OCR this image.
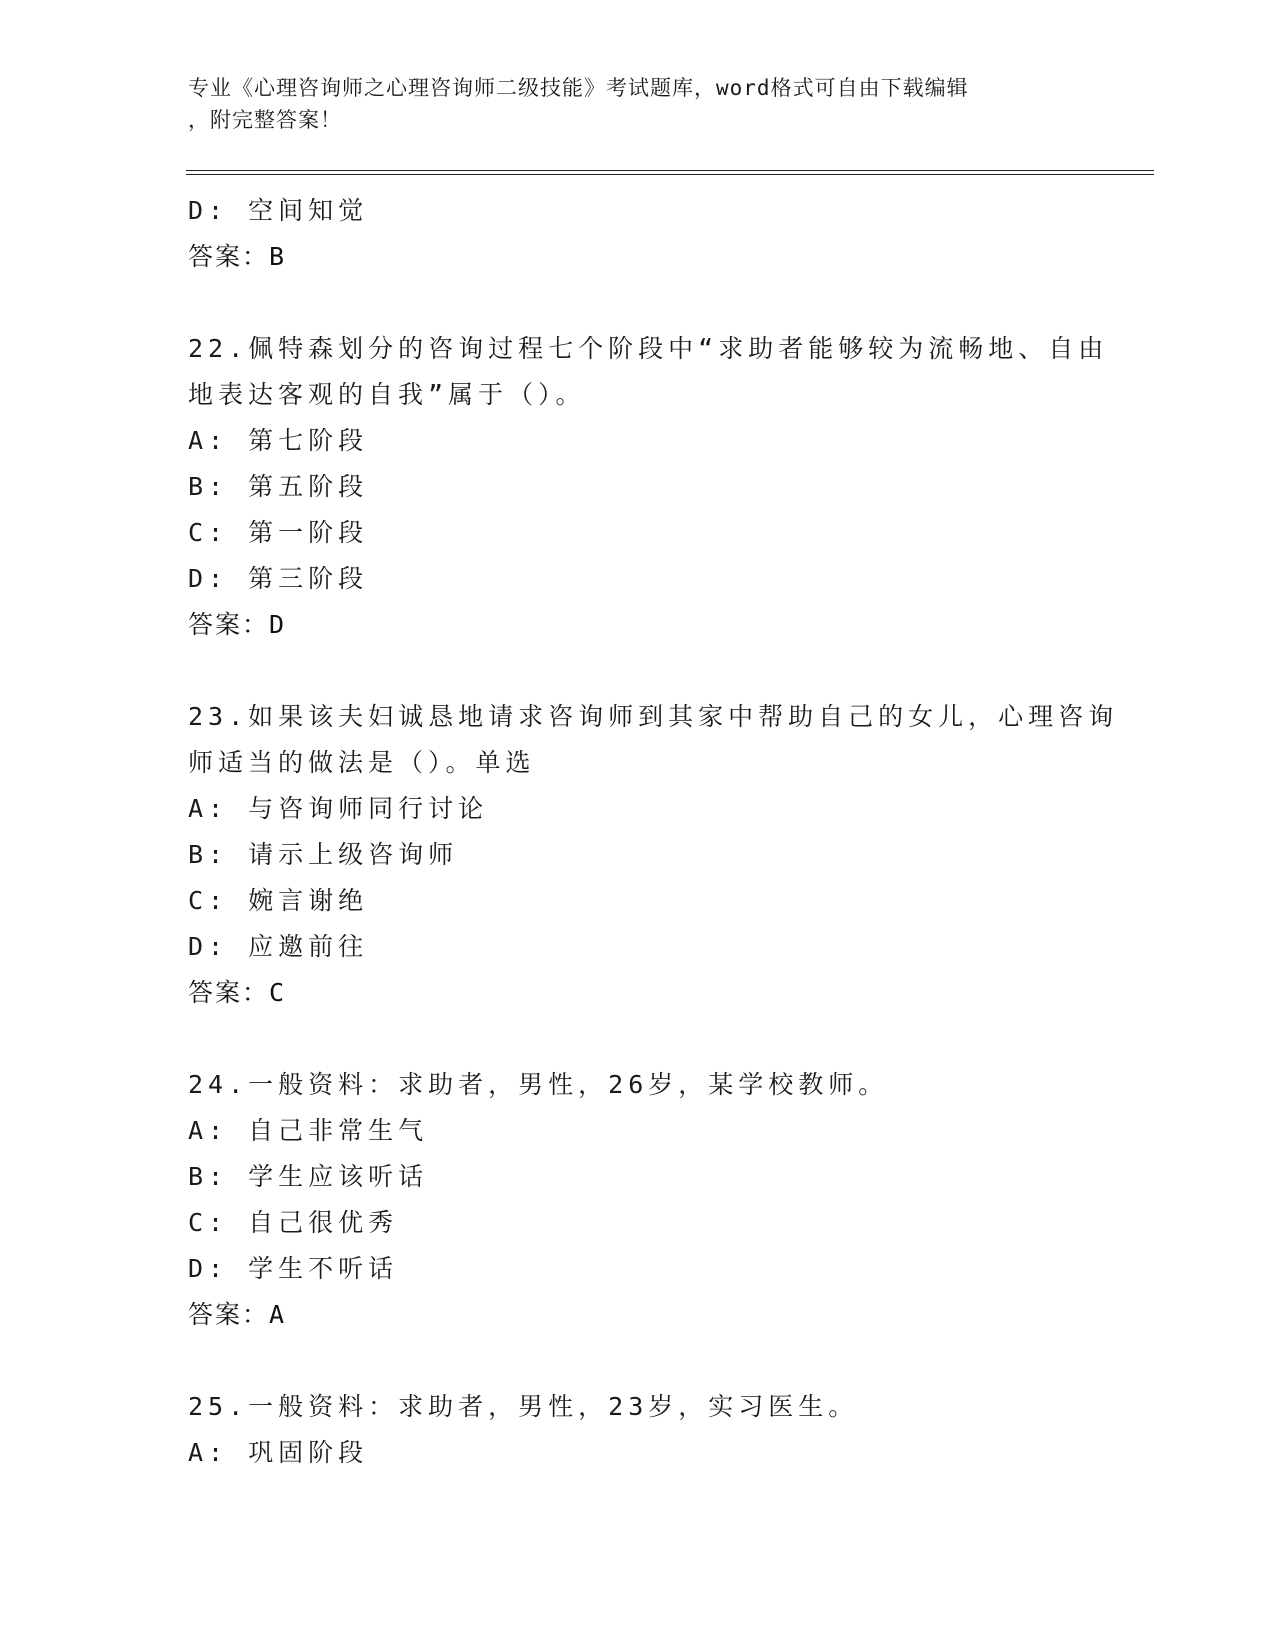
专业《心理咨询师之心理咨询师二级技能》考试题库，word格式可自由下载编辑
，附完整答案！
D: 空间知觉
答案：B
22.佩特森划分的咨询过程七个阶段中“求助者能够较为流畅地、自由
地表达客观的自我”属于（）。
A: 第七阶段
B: 第五阶段
C: 第一阶段
D: 第三阶段
答案：D
23.如果该夫妇诚恳地请求咨询师到其家中帮助自己的女儿，心理咨询
师适当的做法是（）。单选
A: 与咨询师同行讨论
B: 请示上级咨询师
C: 婉言谢绝
D: 应邀前往
答案：C
24.一般资料：求助者，男性，26岁，某学校教师。
A: 自己非常生气
B: 学生应该听话
C: 自己很优秀
D: 学生不听话
答案：A
25.一般资料：求助者，男性，23岁，实习医生。
A: 巩固阶段
